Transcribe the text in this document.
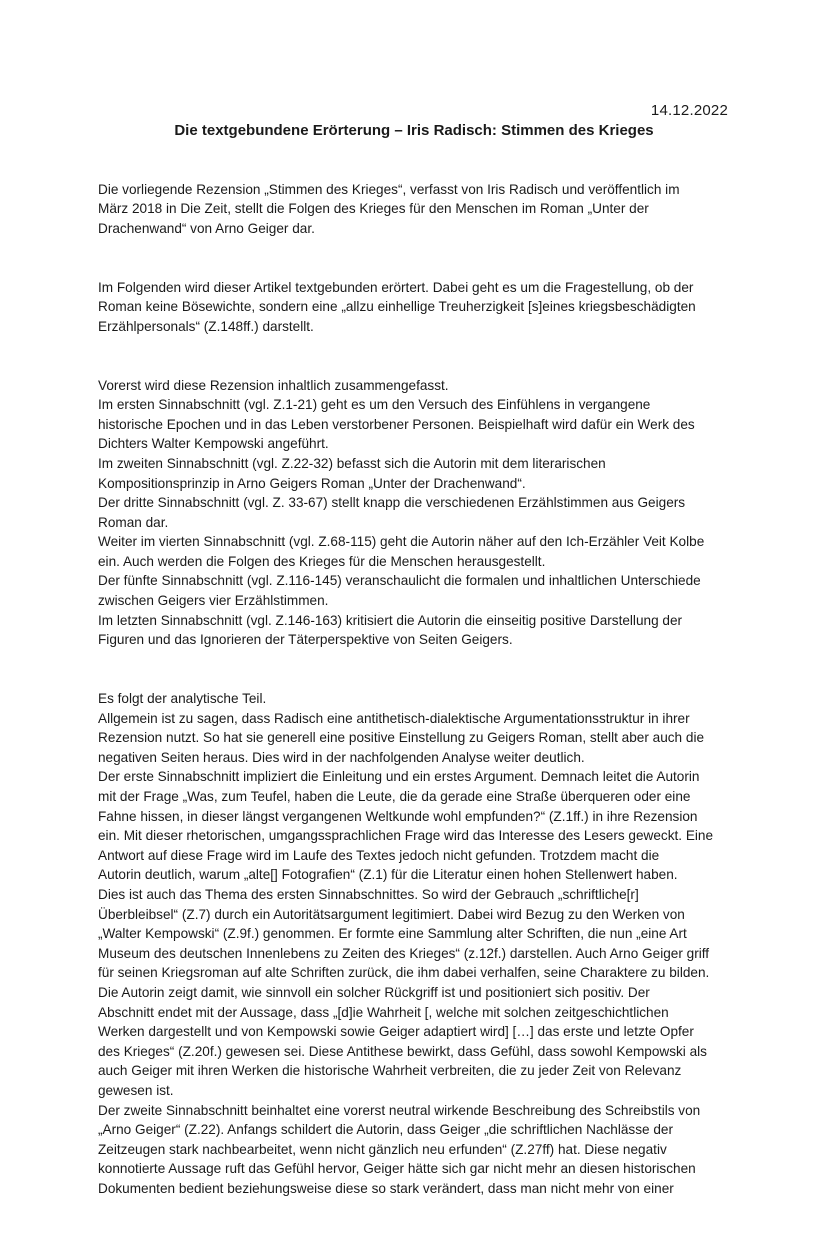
14.12.2022
Die textgebundene Erörterung – Iris Radisch: Stimmen des Krieges

Die vorliegende Rezension „Stimmen des Krieges“, verfasst von Iris Radisch und veröffentlich im
März 2018 in Die Zeit, stellt die Folgen des Krieges für den Menschen im Roman „Unter der
Drachenwand“ von Arno Geiger dar.

Im Folgenden wird dieser Artikel textgebunden erörtert. Dabei geht es um die Fragestellung, ob der
Roman keine Bösewichte, sondern eine „allzu einhellige Treuherzigkeit [s]eines kriegsbeschädigten
Erzählpersonals“ (Z.148ff.) darstellt.

Vorerst wird diese Rezension inhaltlich zusammengefasst.
Im ersten Sinnabschnitt (vgl. Z.1-21) geht es um den Versuch des Einfühlens in vergangene
historische Epochen und in das Leben verstorbener Personen. Beispielhaft wird dafür ein Werk des
Dichters Walter Kempowski angeführt.
Im zweiten Sinnabschnitt (vgl. Z.22-32) befasst sich die Autorin mit dem literarischen
Kompositionsprinzip in Arno Geigers Roman „Unter der Drachenwand“.
Der dritte Sinnabschnitt (vgl. Z. 33-67) stellt knapp die verschiedenen Erzählstimmen aus Geigers
Roman dar.
Weiter im vierten Sinnabschnitt (vgl. Z.68-115) geht die Autorin näher auf den Ich-Erzähler Veit Kolbe
ein. Auch werden die Folgen des Krieges für die Menschen herausgestellt.
Der fünfte Sinnabschnitt (vgl. Z.116-145) veranschaulicht die formalen und inhaltlichen Unterschiede
zwischen Geigers vier Erzählstimmen.
Im letzten Sinnabschnitt (vgl. Z.146-163) kritisiert die Autorin die einseitig positive Darstellung der
Figuren und das Ignorieren der Täterperspektive von Seiten Geigers.

Es folgt der analytische Teil.
Allgemein ist zu sagen, dass Radisch eine antithetisch-dialektische Argumentationsstruktur in ihrer
Rezension nutzt. So hat sie generell eine positive Einstellung zu Geigers Roman, stellt aber auch die
negativen Seiten heraus. Dies wird in der nachfolgenden Analyse weiter deutlich.
Der erste Sinnabschnitt impliziert die Einleitung und ein erstes Argument. Demnach leitet die Autorin
mit der Frage „Was, zum Teufel, haben die Leute, die da gerade eine Straße überqueren oder eine
Fahne hissen, in dieser längst vergangenen Weltkunde wohl empfunden?“ (Z.1ff.) in ihre Rezension
ein. Mit dieser rhetorischen, umgangssprachlichen Frage wird das Interesse des Lesers geweckt. Eine
Antwort auf diese Frage wird im Laufe des Textes jedoch nicht gefunden. Trotzdem macht die
Autorin deutlich, warum „alte[] Fotografien“ (Z.1) für die Literatur einen hohen Stellenwert haben.
Dies ist auch das Thema des ersten Sinnabschnittes. So wird der Gebrauch „schriftliche[r]
Überbleibsel“ (Z.7) durch ein Autoritätsargument legitimiert. Dabei wird Bezug zu den Werken von
„Walter Kempowski“ (Z.9f.) genommen. Er formte eine Sammlung alter Schriften, die nun „eine Art
Museum des deutschen Innenlebens zu Zeiten des Krieges“ (z.12f.) darstellen. Auch Arno Geiger griff
für seinen Kriegsroman auf alte Schriften zurück, die ihm dabei verhalfen, seine Charaktere zu bilden.
Die Autorin zeigt damit, wie sinnvoll ein solcher Rückgriff ist und positioniert sich positiv. Der
Abschnitt endet mit der Aussage, dass „[d]ie Wahrheit [, welche mit solchen zeitgeschichtlichen
Werken dargestellt und von Kempowski sowie Geiger adaptiert wird] […] das erste und letzte Opfer
des Krieges“ (Z.20f.) gewesen sei. Diese Antithese bewirkt, dass Gefühl, dass sowohl Kempowski als
auch Geiger mit ihren Werken die historische Wahrheit verbreiten, die zu jeder Zeit von Relevanz
gewesen ist.
Der zweite Sinnabschnitt beinhaltet eine vorerst neutral wirkende Beschreibung des Schreibstils von
„Arno Geiger“ (Z.22). Anfangs schildert die Autorin, dass Geiger „die schriftlichen Nachlässe der
Zeitzeugen stark nachbearbeitet, wenn nicht gänzlich neu erfunden“ (Z.27ff) hat. Diese negativ
konnotierte Aussage ruft das Gefühl hervor, Geiger hätte sich gar nicht mehr an diesen historischen
Dokumenten bedient beziehungsweise diese so stark verändert, dass man nicht mehr von einer
